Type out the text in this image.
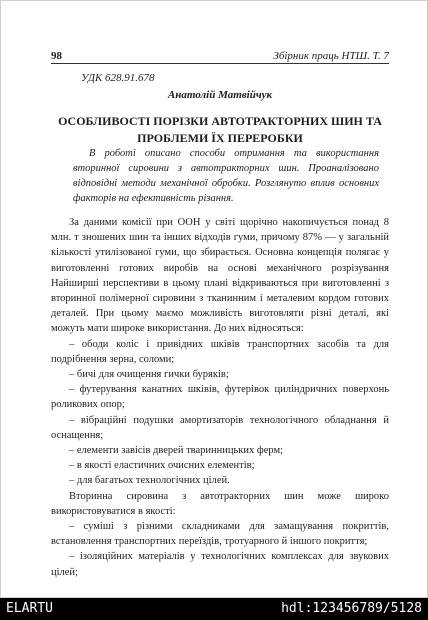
98	Збірник праць НТШ. Т. 7
УДК 628.91.678
Анатолій Матвійчук
ОСОБЛИВОСТІ ПОРІЗКИ АВТОТРАКТОРНИХ ШИН ТА
ПРОБЛЕМИ ЇХ ПЕРЕРОБКИ
В роботі описано способи отримання та використання вторинної сировини з автотракторних шин. Проаналізовано відповідні методи механічної обробки. Розглянуто вплив основних факторів на ефективність різання.

За даними комісії при ООН у світі щорічно накопичується понад 8 млн. т зношених шин та інших відходів гуми, причому 87% — у загальній кількості утилізованої гуми, що збирається. Основна концепція полягає у виготовленні готових виробів на основі механічного розрізування Найширші перспективи в цьому плані відкриваються при виготовленні з вторинної полімерної сировини з тканинним і металевим кордом готових деталей. При цьому маємо можливість виготовляти різні деталі, які можуть мати широке використання. До них відносяться:

– ободи коліс і привідних шківів транспортних засобів та для подрібнення зерна, соломи;

– бичі для очищення гички буряків;

– футерування канатних шківів, футерівок циліндричних поверхонь роликових опор;

– вібраційні подушки амортизаторів технологічного обладнання й оснащення;

– елементи завісів дверей тваринницьких ферм;

– в якості еластичних очисних елементів;

– для багатьох технологічних цілей.

Вторинна сировина з автотракторних шин може широко використовуватися в якості:

– суміші з різними складниками для замащування покриттів, встановлення транспортних переїздів, тротуарного й іншого покриття;

– ізоляційних матеріалів у технологічних комплексах для звукових цілей;

ELARTU	hdl:123456789/5128
